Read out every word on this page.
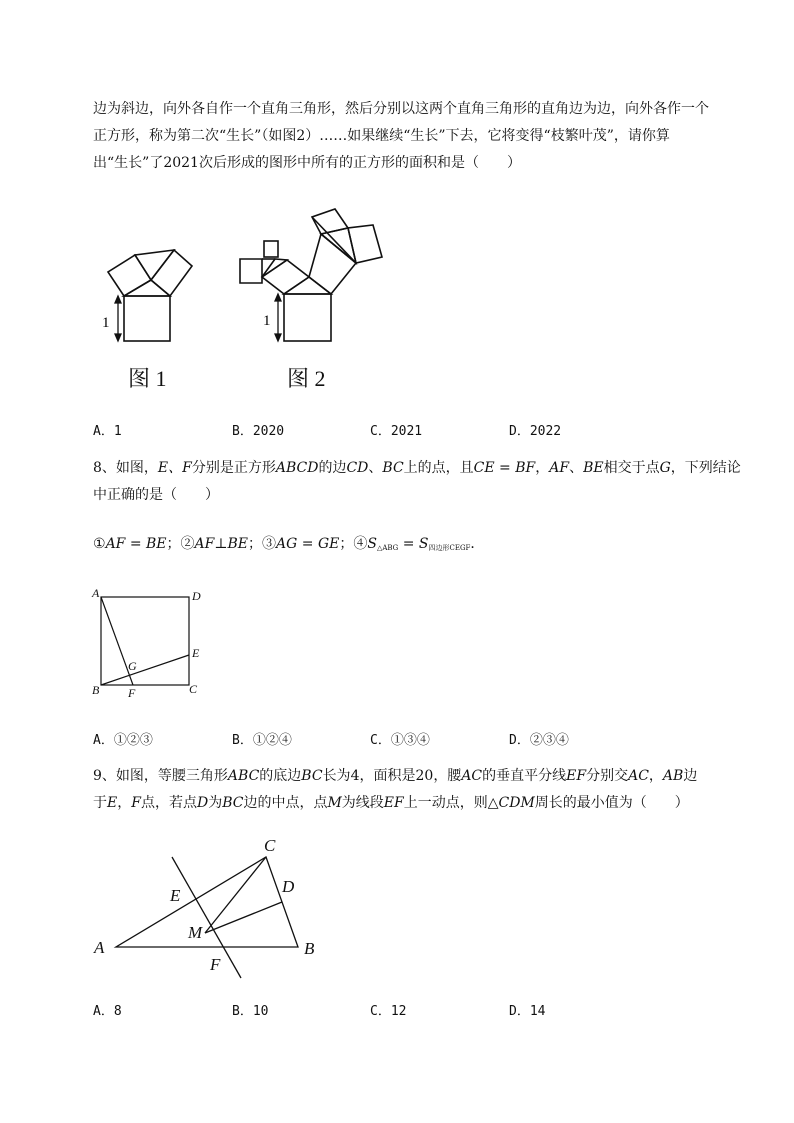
边为斜边，向外各自作一个直角三角形，然后分别以这两个直角三角形的直角边为边，向外各作一个
正方形，称为第二次“生长”（如图2）……如果继续“生长”下去，它将变得“枝繁叶茂”，请你算
出“生长”了2021次后形成的图形中所有的正方形的面积和是（　　）
1	1
图 1	图 2
A．1	B．2020	C．2021	D．2022
8、如图，E、F分别是正方形ABCD的边CD、BC上的点，且CE = BF，AF、BE相交于点G，下列结论
中正确的是（　　）
①AF = BE；②AF⊥BE；③AG = GE；$④S_{\triangle ABG} = S_{四边形CEGF}$．
A	D
E
G
B F	C
A．①②③	B．①②④	C．①③④	D．②③④
9、如图，等腰三角形ABC的底边BC长为4，面积是20，腰AC的垂直平分线EF分别交AC，AB边
于E，F点，若点D为BC边的中点，点M为线段EF上一动点，则△CDM周长的最小值为（　　）
A	B
C
D
E
F
M
A．8	B．10	C．12	D．14
